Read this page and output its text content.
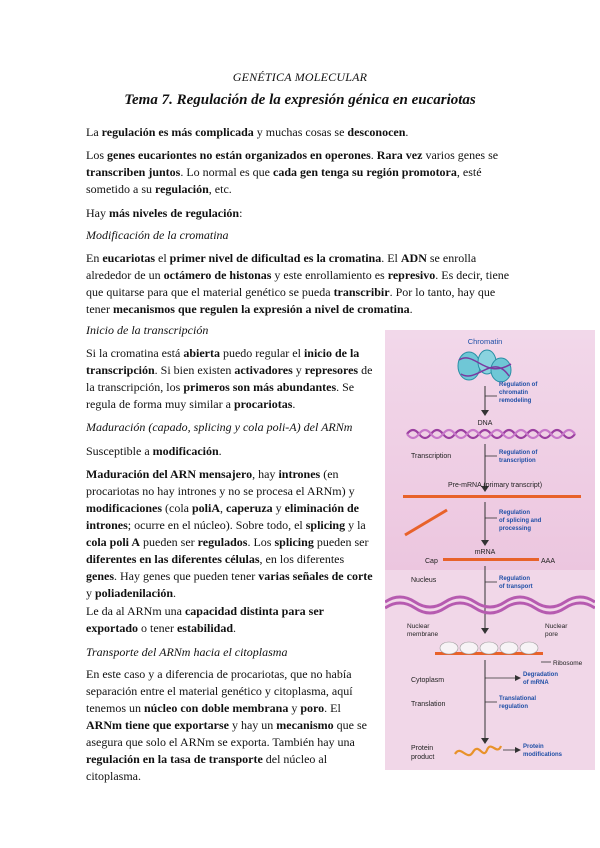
GENÉTICA MOLECULAR
Tema 7. Regulación de la expresión génica en eucariotas
La regulación es más complicada y muchas cosas se desconocen.
Los genes eucariontes no están organizados en operones. Rara vez varios genes se transcriben juntos. Lo normal es que cada gen tenga su región promotora, esté sometido a su regulación, etc.
Hay más niveles de regulación:
Modificación de la cromatina
En eucariotas el primer nivel de dificultad es la cromatina. El ADN se enrolla alrededor de un octámero de histonas y este enrollamiento es represivo. Es decir, tiene que quitarse para que el material genético se pueda transcribir. Por lo tanto, hay que tener mecanismos que regulen la expresión a nivel de cromatina.
Inicio de la transcripción
Si la cromatina está abierta puedo regular el inicio de la transcripción. Si bien existen activadores y represores de la transcripción, los primeros son más abundantes. Se regula de forma muy similar a procariotas.
Maduración (capado, splicing y cola poli-A) del ARNm
Susceptible a modificación.
Maduración del ARN mensajero, hay intrones (en procariotas no hay intrones y no se procesa el ARNm) y modificaciones (cola poliA, caperuza y eliminación de intrones; ocurre en el núcleo). Sobre todo, el splicing y la cola poli A pueden ser regulados. Los splicing pueden ser diferentes en las diferentes células, en los diferentes genes. Hay genes que pueden tener varias señales de corte y poliadenilación.
Le da al ARNm una capacidad distinta para ser exportado o tener estabilidad.
Transporte del ARNm hacia el citoplasma
En este caso y a diferencia de procariotas, que no había separación entre el material genético y citoplasma, aquí tenemos un núcleo con doble membrana y poro. El ARNm tiene que exportarse y hay un mecanismo que se asegura que solo el ARNm se exporta. También hay una regulación en la tasa de transporte del núcleo al citoplasma.
Chromatin
Regulation of
chromatin
remodeling
DNA
Transcription	Regulation of
transcription
Pre-mRNA (primary transcript)
Regulation
of splicing and
processing
mRNA
Cap	AAA
Nucleus	Regulation
of transport
Nuclear
membrane
Nuclear
pore
Ribosome
Cytoplasm
Degradation
of mRNA
Translation
Translational
regulation
Protein
product
Protein
modifications
